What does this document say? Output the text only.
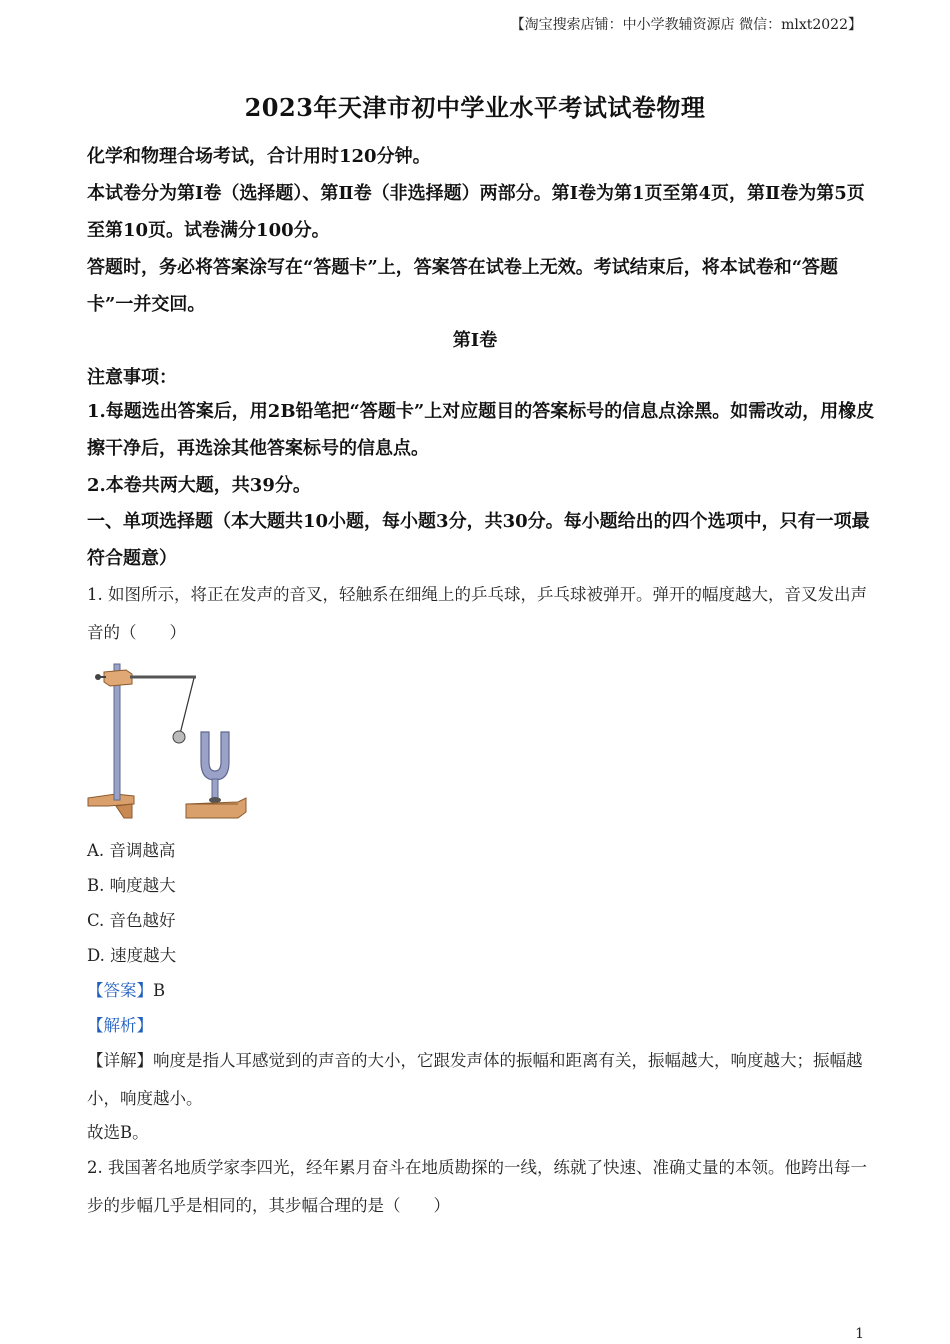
【淘宝搜索店铺：中小学教辅资源店 微信：mlxt2022】
2023年天津市初中学业水平考试试卷物理
化学和物理合场考试，合计用时120分钟。
本试卷分为第Ⅰ卷（选择题）、第Ⅱ卷（非选择题）两部分。第Ⅰ卷为第1页至第4页，第Ⅱ卷为第5页至第10页。试卷满分100分。
答题时，务必将答案涂写在“答题卡”上，答案答在试卷上无效。考试结束后，将本试卷和“答题卡”一并交回。
第Ⅰ卷
注意事项：
1.每题选出答案后，用2B铅笔把“答题卡”上对应题目的答案标号的信息点涂黑。如需改动，用橡皮擦干净后，再选涂其他答案标号的信息点。
2.本卷共两大题，共39分。
一、单项选择题（本大题共10小题，每小题3分，共30分。每小题给出的四个选项中，只有一项最符合题意）
1. 如图所示，将正在发声的音叉，轻触系在细绳上的乒乓球，乒乓球被弹开。弹开的幅度越大，音叉发出声音的（　　）
A. 音调越高
B. 响度越大
C. 音色越好
D. 速度越大
【答案】B
【解析】
【详解】响度是指人耳感觉到的声音的大小，它跟发声体的振幅和距离有关，振幅越大，响度越大；振幅越小，响度越小。
故选B。
2. 我国著名地质学家李四光，经年累月奋斗在地质勘探的一线，练就了快速、准确丈量的本领。他跨出每一步的步幅几乎是相同的，其步幅合理的是（　　）
1
